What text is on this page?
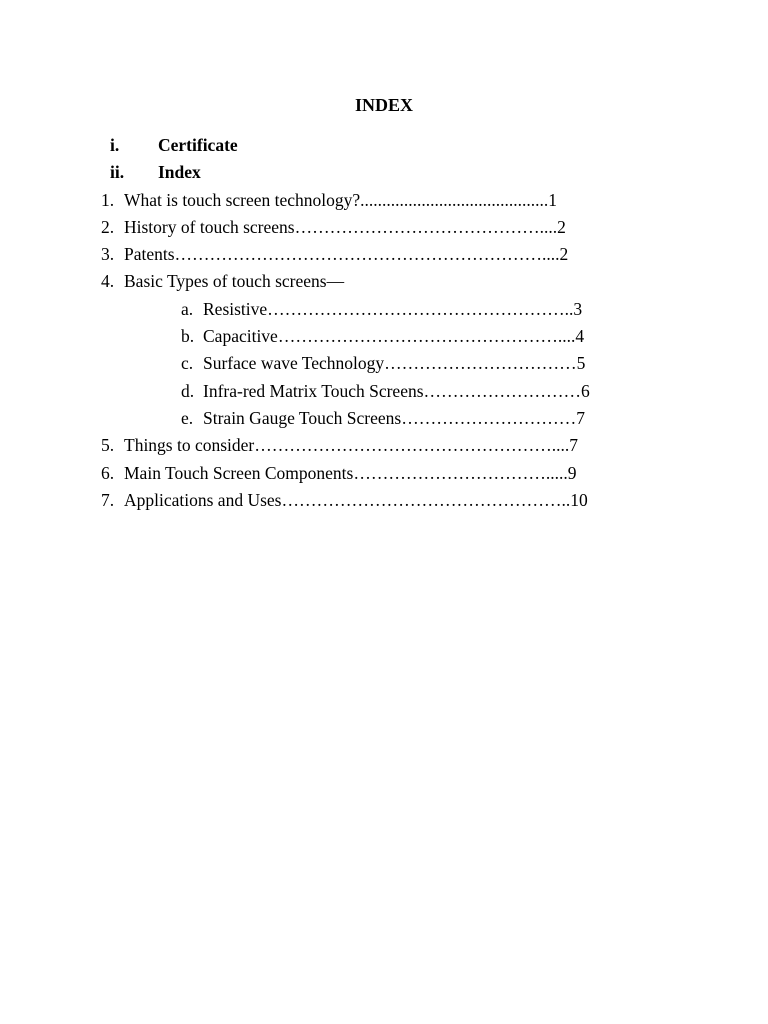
INDEX
i. Certificate
ii. Index
1. What is touch screen technology?...........................................1
2. History of touch screens……………………………………....2
3. Patents………………………………………………………....2
4. Basic Types of touch screens—
a. Resistive……………………………………………..3
b. Capacitive…………………………………………....4
c. Surface wave Technology……………………………5
d. Infra-red Matrix Touch Screens………………………6
e. Strain Gauge Touch Screens…………………………7
5. Things to consider……………………………………………....7
6. Main Touch Screen Components…………………………….....9
7. Applications and Uses…………………………………………..10
